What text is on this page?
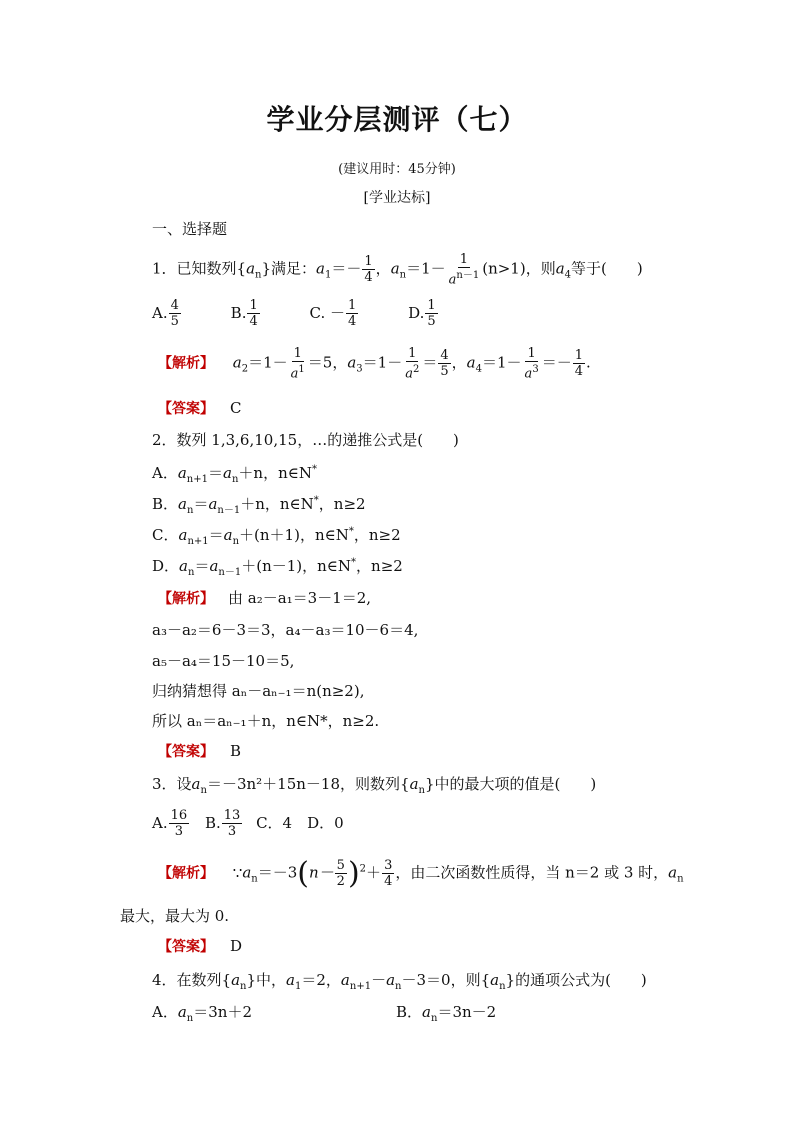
学业分层测评（七）
(建议用时：45分钟)
[学业达标]
一、选择题
1．已知数列$\{a_n\}$满足：$a_1=- \frac{1}{4}$ ，$a_n=1- \frac{1}{a^{n-1}} (n>1)$，则$a_4$等于(　　)
A. $\frac{4}{5}$	B. $\frac{1}{4}$	C. － $\frac{1}{4}$	D. $\frac{1}{5}$
【解析】 $a_2=1- \frac{1}{a^1} =5$，$a_3=1- \frac{1}{a^2} = \frac{4}{5}$ ，$a_4=1- \frac{1}{a^3} =- \frac{1}{4}$ .
【答案】 C
2．数列 1,3,6,10,15，…的递推公式是(　　)
A．$a_{n+1}=a_n+n$，n∈N*
B．$a_n=a_{n-1}+n$，n∈N*，n≥2
C．$a_{n+1}=a_n+(n+1)$，n∈N*，n≥2
D．$a_n=a_{n-1}+(n-1)$，n∈N*，n≥2
【解析】 由 a₂－a₁＝3－1＝2,
a₃－a₂＝6－3＝3，a₄－a₃＝10－6＝4,
a₅－a₄＝15－10＝5,
归纳猜想得 aₙ－aₙ₋₁＝n(n≥2),
所以 aₙ＝aₙ₋₁＋n，n∈N*，n≥2.
【答案】 B
3．设$a_n=-3n^2+15n-18$，则数列$\{a_n\}$中的最大项的值是(　　)
A. $\frac{16}{3} B$. $\frac{13}{3}$ C．4　D．0
【解析】 $\because a_n=-3(n- \frac{5}{2} )^2+ \frac{3}{4}$ ，由二次函数性质得，当 n＝2 或 3 时，$a_n$
最大，最大为 0.
【答案】 D
4．在数列$\{a_n\}$中，$a_1=2$，$a_{n+1}-a_n-3=0$，则$\{a_n\}$的通项公式为(　　)
A．$a_n=3n+2$	B．$a_n=3n-2$
